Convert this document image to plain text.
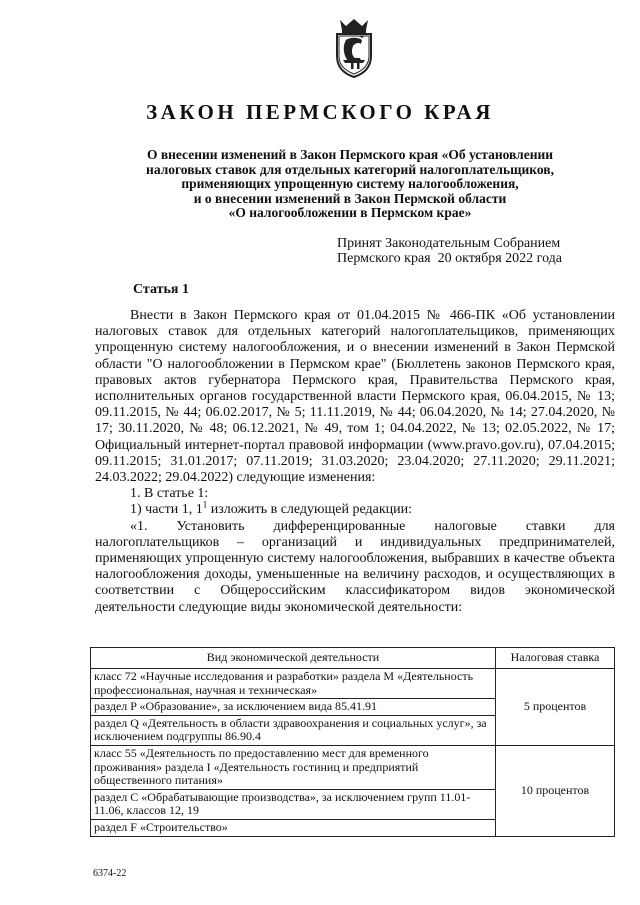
ЗАКОН ПЕРМСКОГО КРАЯ
О внесении изменений в Закон Пермского края «Об установлении
налоговых ставок для отдельных категорий налогоплательщиков,
применяющих упрощенную систему налогообложения,
и о внесении изменений в Закон Пермской области
«О налогообложении в Пермском крае»
Принят Законодательным Собранием
Пермского края  20 октября 2022 года
Статья 1

Внести в Закон Пермского края от 01.04.2015 № 466-ПК «Об установлении налоговых ставок для отдельных категорий налогоплательщиков, применяющих упрощенную систему налогообложения, и о внесении изменений в Закон Пермской области "О налогообложении в Пермском крае" (Бюллетень законов Пермского края, правовых актов губернатора Пермского края, Правительства Пермского края, исполнительных органов государственной власти Пермского края, 06.04.2015, № 13; 09.11.2015, № 44; 06.02.2017, № 5; 11.11.2019, № 44; 06.04.2020, № 14; 27.04.2020, № 17; 30.11.2020, № 48; 06.12.2021, № 49, том 1; 04.04.2022, № 13; 02.05.2022, № 17; Официальный интернет-портал правовой информации (www.pravo.gov.ru), 07.04.2015; 09.11.2015; 31.01.2017; 07.11.2019; 31.03.2020; 23.04.2020; 27.11.2020; 29.11.2021; 24.03.2022; 29.04.2022) следующие изменения:

1. В статье 1:

1) части 1, $1^1$ изложить в следующей редакции:

«1. Установить дифференцированные налоговые ставки для налогоплательщиков – организаций и индивидуальных предпринимателей, применяющих упрощенную систему налогообложения, выбравших в качестве объекта налогообложения доходы, уменьшенные на величину расходов, и осуществляющих в соответствии с Общероссийским классификатором видов экономической деятельности следующие виды экономической деятельности:

Вид экономической деятельности	Налоговая ставка
класс 72 «Научные исследования и разработки» раздела M «Деятельность профессиональная, научная и техническая»	5 процентов
раздел P «Образование», за исключением вида 85.41.91	
раздел Q «Деятельность в области здравоохранения и социальных услуг», за исключением подгруппы 86.90.4	
класс 55 «Деятельность по предоставлению мест для временного проживания» раздела I «Деятельность гостиниц и предприятий общественного питания»	10 процентов
раздел C «Обрабатывающие производства», за исключением групп 11.01-11.06, классов 12, 19	
раздел F «Строительство»	
6374-22
